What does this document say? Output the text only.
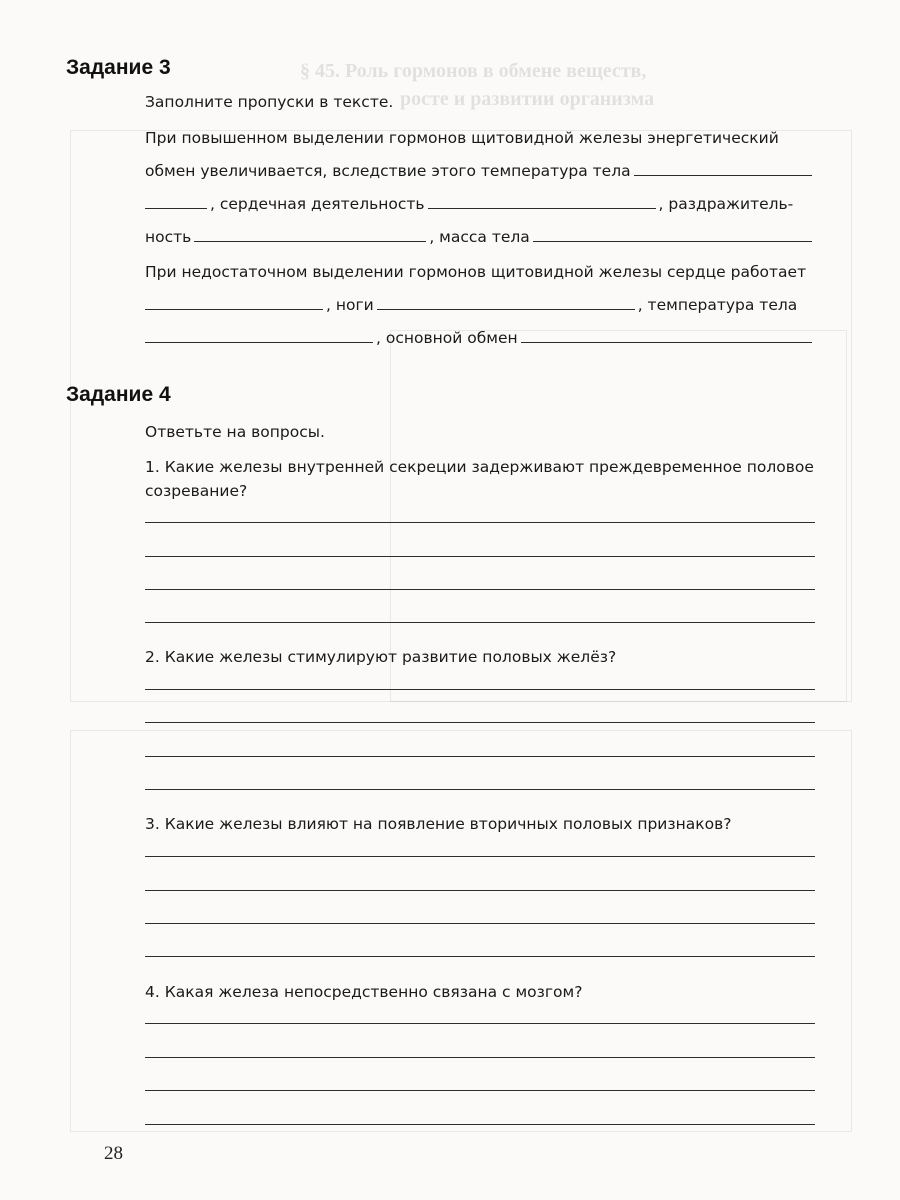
§ 45. Роль гормонов в обмене веществ,
росте и развитии организма
Задание 3
Заполните пропуски в тексте.
При повышенном выделении гормонов щитовидной железы энергетический
обмен увеличивается, вследствие этого температура тела
, сердечная деятельность	, раздражитель-
ность	, масса тела
При недостаточном выделении гормонов щитовидной железы сердце работает
, ноги	, температура тела
, основной обмен
Задание 4
Ответьте на вопросы.
1. Какие железы внутренней секреции задерживают преждевременное половое созревание?
2. Какие железы стимулируют развитие половых желёз?
3. Какие железы влияют на появление вторичных половых признаков?
4. Какая железа непосредственно связана с мозгом?
28
